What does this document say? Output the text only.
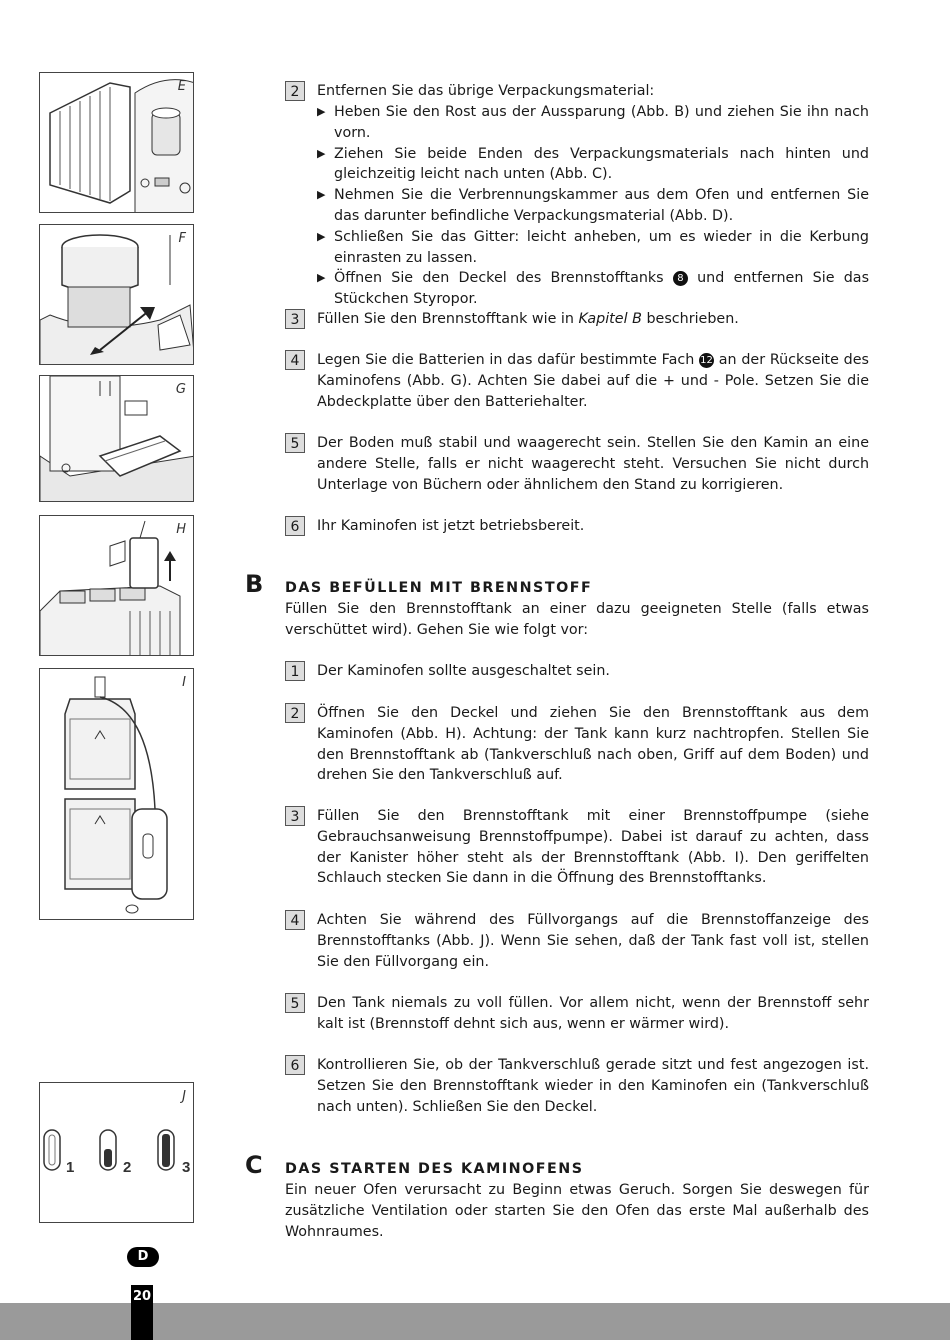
E
F
G
H
I
J
1	2	3
2	Entfernen Sie das übrige Verpackungsmaterial:
▶ Heben Sie den Rost aus der Aussparung (Abb. B) und ziehen Sie ihn nach vorn.
▶ Ziehen Sie beide Enden des Verpackungsmaterials nach hinten und gleichzeitig leicht nach unten (Abb. C).
▶ Nehmen Sie die Verbrennungskammer aus dem Ofen und entfernen Sie das darunter befindliche Verpackungsmaterial (Abb. D).
▶ Schließen Sie das Gitter: leicht anheben, um es wieder in die Kerbung einrasten zu lassen.
▶ Öffnen Sie den Deckel des Brennstofftanks 8 und entfernen Sie das Stückchen Styropor.
3	Füllen Sie den Brennstofftank wie in Kapitel B beschrieben.
4	Legen Sie die Batterien in das dafür bestimmte Fach 12 an der Rückseite des Kaminofens (Abb. G). Achten Sie dabei auf die + und - Pole. Setzen Sie die Abdeckplatte über den Batteriehalter.
5	Der Boden muß stabil und waagerecht sein. Stellen Sie den Kamin an eine andere Stelle, falls er nicht waagerecht steht. Versuchen Sie nicht durch Unterlage von Büchern oder ähnlichem den Stand zu korrigieren.
6	Ihr Kaminofen ist jetzt betriebsbereit.
1	Der Kaminofen sollte ausgeschaltet sein.
2	Öffnen Sie den Deckel und ziehen Sie den Brennstofftank aus dem Kaminofen (Abb. H). Achtung: der Tank kann kurz nachtropfen. Stellen Sie den Brennstofftank ab (Tankverschluß nach oben, Griff auf dem Boden) und drehen Sie den Tankverschluß auf.
3	Füllen Sie den Brennstofftank mit einer Brennstoffpumpe (siehe Gebrauchsanweisung Brennstoffpumpe). Dabei ist darauf zu achten, dass der Kanister höher steht als der Brennstofftank (Abb. I). Den geriffelten Schlauch stecken Sie dann in die Öffnung des Brennstofftanks.
4	Achten Sie während des Füllvorgangs auf die Brennstoffanzeige des Brennstofftanks (Abb. J). Wenn Sie sehen, daß der Tank fast voll ist, stellen Sie den Füllvorgang ein.
5	Den Tank niemals zu voll füllen. Vor allem nicht, wenn der Brennstoff sehr kalt ist (Brennstoff dehnt sich aus, wenn er wärmer wird).
6	Kontrollieren Sie, ob der Tankverschluß gerade sitzt und fest angezogen ist. Setzen Sie den Brennstofftank wieder in den Kaminofen ein (Tankverschluß nach unten). Schließen Sie den Deckel.
B DAS BEFÜLLEN MIT BRENNSTOFF
Füllen Sie den Brennstofftank an einer dazu geeigneten Stelle (falls etwas verschüttet wird). Gehen Sie wie folgt vor:
C DAS STARTEN DES KAMINOFENS
Ein neuer Ofen verursacht zu Beginn etwas Geruch. Sorgen Sie deswegen für zusätzliche Ventilation oder starten Sie den Ofen das erste Mal außerhalb des Wohnraumes.
D
20
